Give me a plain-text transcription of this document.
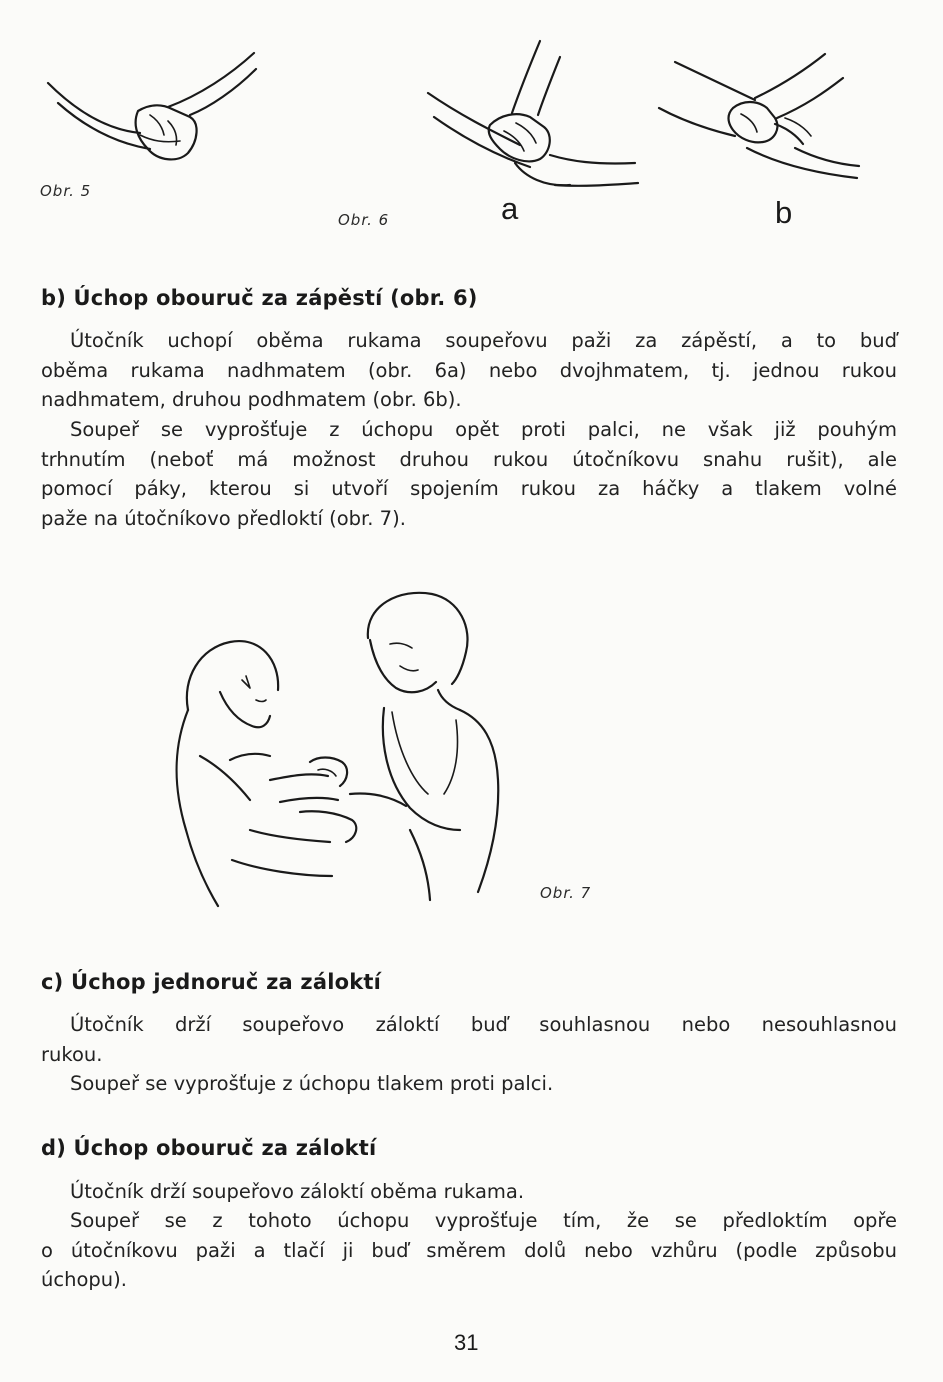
Obr. 5
Obr. 6	a	b
b) Úchop obouruč za zápěstí (obr. 6)
Útočník uchopí oběma rukama soupeřovu paži za zápěstí, a to buď
oběma rukama nadhmatem (obr. 6a) nebo dvojhmatem, tj. jednou rukou
nadhmatem, druhou podhmatem (obr. 6b).
Soupeř se vyprošťuje z úchopu opět proti palci, ne však již pouhým
trhnutím (neboť má možnost druhou rukou útočníkovu snahu rušit), ale
pomocí páky, kterou si utvoří spojením rukou za háčky a tlakem volné
paže na útočníkovo předloktí (obr. 7).
Obr. 7
c) Úchop jednoruč za záloktí
Útočník drží soupeřovo záloktí buď souhlasnou nebo nesouhlasnou
rukou.
Soupeř se vyprošťuje z úchopu tlakem proti palci.
d) Úchop obouruč za záloktí
Útočník drží soupeřovo záloktí oběma rukama.
Soupeř se z tohoto úchopu vyprošťuje tím, že se předloktím opře
o útočníkovu paži a tlačí ji buď směrem dolů nebo vzhůru (podle způsobu
úchopu).
31
